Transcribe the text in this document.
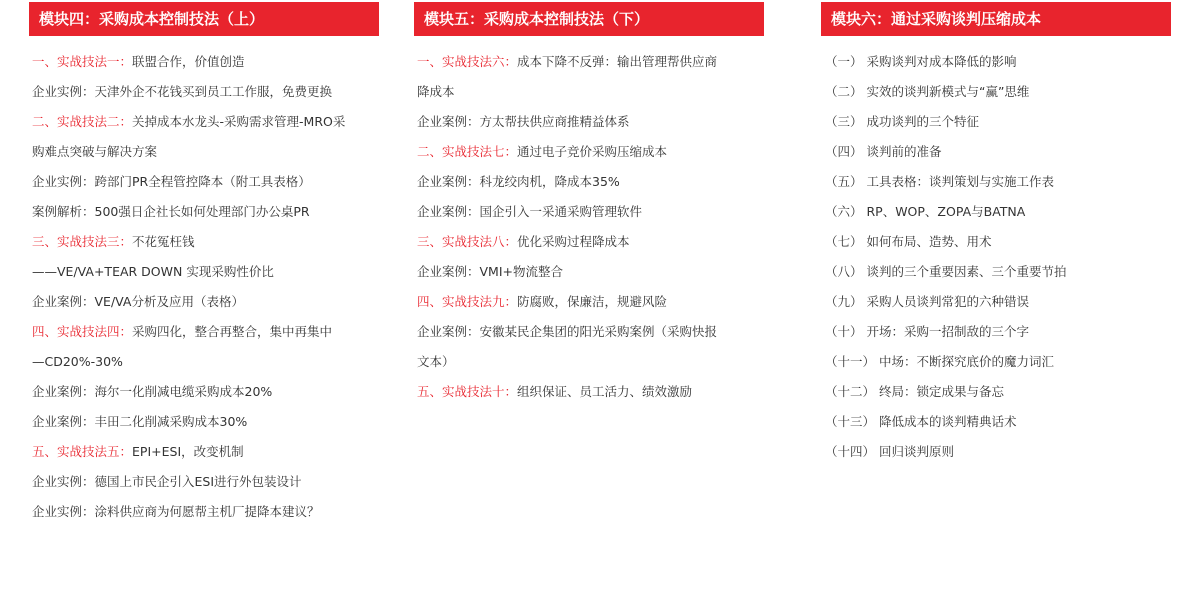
模块四：采购成本控制技法（上）
一、实战技法一：联盟合作，价值创造
企业实例：天津外企不花钱买到员工工作服，免费更换
二、实战技法二：关掉成本水龙头-采购需求管理-MRO采
购难点突破与解决方案
企业实例：跨部门PR全程管控降本（附工具表格）
案例解析：500强日企社长如何处理部门办公桌PR
三、实战技法三：不花冤枉钱
——VE/VA+TEAR DOWN 实现采购性价比
企业案例：VE/VA分析及应用（表格）
四、实战技法四：采购四化，整合再整合，集中再集中
—CD20%-30%
企业案例：海尔一化削减电缆采购成本20%
企业案例：丰田二化削减采购成本30%
五、实战技法五：EPI+ESI，改变机制
企业实例：德国上市民企引入ESI进行外包装设计
企业实例：涂料供应商为何愿帮主机厂提降本建议？
模块五：采购成本控制技法（下）
一、实战技法六：成本下降不反弹：输出管理帮供应商
降成本
企业案例：方太帮扶供应商推精益体系
二、实战技法七：通过电子竞价采购压缩成本
企业案例：科龙绞肉机，降成本35%
企业案例：国企引入一采通采购管理软件
三、实战技法八：优化采购过程降成本
企业案例：VMI+物流整合
四、实战技法九：防腐败，保廉洁，规避风险
企业案例：安徽某民企集团的阳光采购案例（采购快报
文本）
五、实战技法十：组织保证、员工活力、绩效激励
模块六：通过采购谈判压缩成本
（一） 采购谈判对成本降低的影响
（二） 实效的谈判新模式与“赢”思维
（三） 成功谈判的三个特征
（四） 谈判前的准备
（五） 工具表格：谈判策划与实施工作表
（六） RP、WOP、ZOPA与BATNA
（七） 如何布局、造势、用术
（八） 谈判的三个重要因素、三个重要节拍
（九） 采购人员谈判常犯的六种错误
（十） 开场：采购一招制敌的三个字
（十一） 中场：不断探究底价的魔力词汇
（十二） 终局：锁定成果与备忘
（十三） 降低成本的谈判精典话术
（十四） 回归谈判原则
